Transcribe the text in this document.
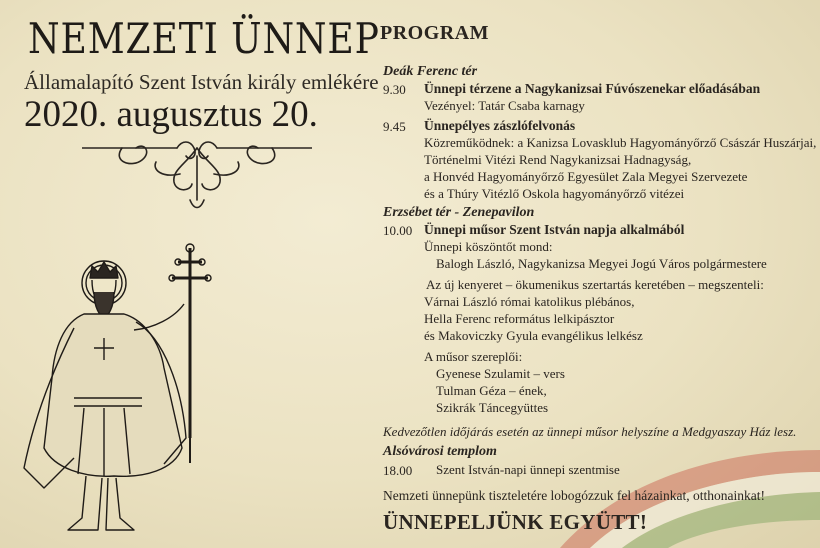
NEMZETI ÜNNEP
Államalapító Szent István király emlékére
2020. augusztus 20.
PROGRAM
Deák Ferenc tér
9.30 Ünnepi térzene a Nagykanizsai Fúvószenekar előadásában
Vezényel: Tatár Csaba karnagy
9.45 Ünnepélyes zászlófelvonás
Közreműködnek: a Kanizsa Lovasklub Hagyományőrző Császár Huszárjai,
Történelmi Vitézi Rend Nagykanizsai Hadnagyság,
a Honvéd Hagyományőrző Egyesület Zala Megyei Szervezete
és a Thúry Vitézlő Oskola hagyományőrző vitézei
Erzsébet tér - Zenepavilon
10.00 Ünnepi műsor Szent István napja alkalmából
Ünnepi köszöntőt mond:
Balogh László, Nagykanizsa Megyei Jogú Város polgármestere
Az új kenyeret – ökumenikus szertartás keretében – megszenteli:
Várnai László római katolikus plébános,
Hella Ferenc református lelkipásztor
és Makoviczky Gyula evangélikus lelkész
A műsor szereplői:
Gyenese Szulamit – vers
Tulman Géza – ének,
Szikrák Táncegyüttes
Kedvezőtlen időjárás esetén az ünnepi műsor helyszíne a Medgyaszay Ház lesz.
Alsóvárosi templom
18.00 Szent István-napi ünnepi szentmise
Nemzeti ünnepünk tiszteletére lobogózzuk fel házainkat, otthonainkat!
ÜNNEPELJÜNK EGYÜTT!
